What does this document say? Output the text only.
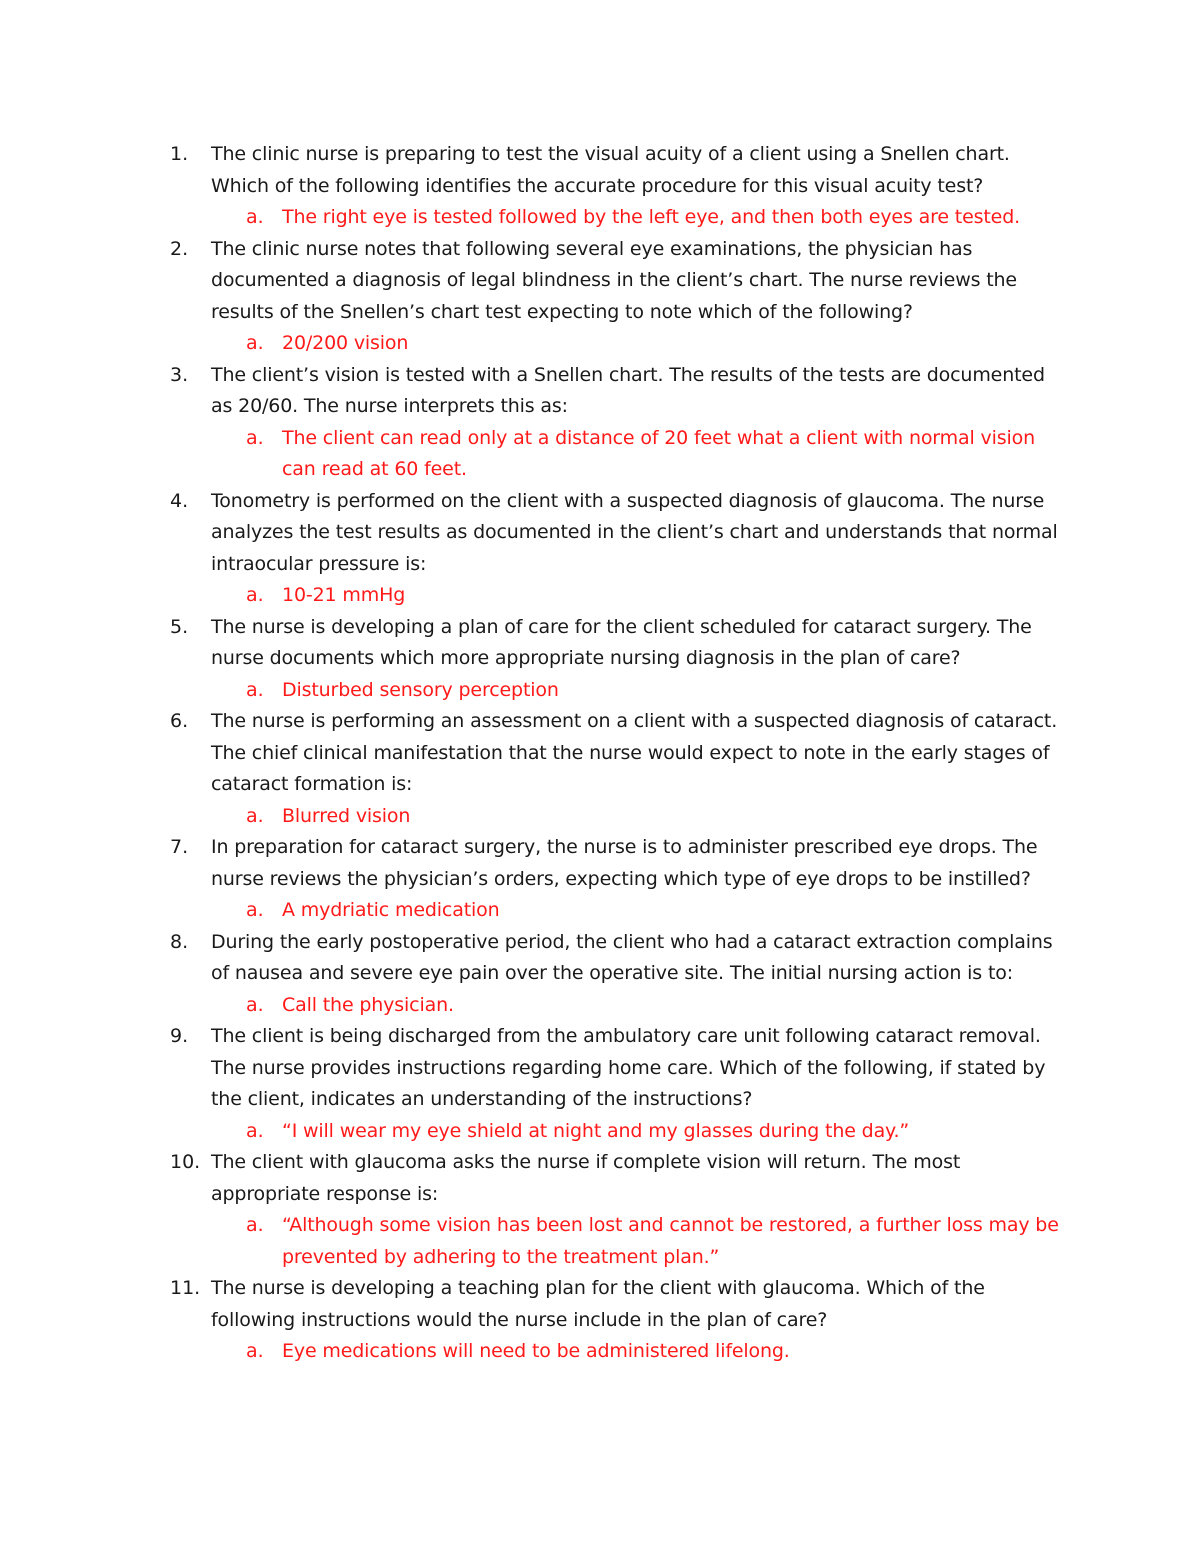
1.	The clinic nurse is preparing to test the visual acuity of a client using a Snellen chart. Which of the following identifies the accurate procedure for this visual acuity test?
a. The right eye is tested followed by the left eye, and then both eyes are tested.
2.	The clinic nurse notes that following several eye examinations, the physician has documented a diagnosis of legal blindness in the client’s chart. The nurse reviews the results of the Snellen’s chart test expecting to note which of the following?
a. 20/200 vision
3.	The client’s vision is tested with a Snellen chart. The results of the tests are documented as 20/60. The nurse interprets this as:
a. The client can read only at a distance of 20 feet what a client with normal vision can read at 60 feet.
4.	Tonometry is performed on the client with a suspected diagnosis of glaucoma. The nurse analyzes the test results as documented in the client’s chart and understands that normal intraocular pressure is:
a. 10-21 mmHg
5.	The nurse is developing a plan of care for the client scheduled for cataract surgery. The nurse documents which more appropriate nursing diagnosis in the plan of care?
a. Disturbed sensory perception
6.	The nurse is performing an assessment on a client with a suspected diagnosis of cataract. The chief clinical manifestation that the nurse would expect to note in the early stages of cataract formation is:
a. Blurred vision
7.	In preparation for cataract surgery, the nurse is to administer prescribed eye drops. The nurse reviews the physician’s orders, expecting which type of eye drops to be instilled?
a. A mydriatic medication
8.	During the early postoperative period, the client who had a cataract extraction complains of nausea and severe eye pain over the operative site. The initial nursing action is to:
a. Call the physician.
9.	The client is being discharged from the ambulatory care unit following cataract removal. The nurse provides instructions regarding home care. Which of the following, if stated by the client, indicates an understanding of the instructions?
a. “I will wear my eye shield at night and my glasses during the day.”
10. The client with glaucoma asks the nurse if complete vision will return. The most appropriate response is:
a. “Although some vision has been lost and cannot be restored, a further loss may be prevented by adhering to the treatment plan.”
11. The nurse is developing a teaching plan for the client with glaucoma. Which of the following instructions would the nurse include in the plan of care?
a. Eye medications will need to be administered lifelong.
